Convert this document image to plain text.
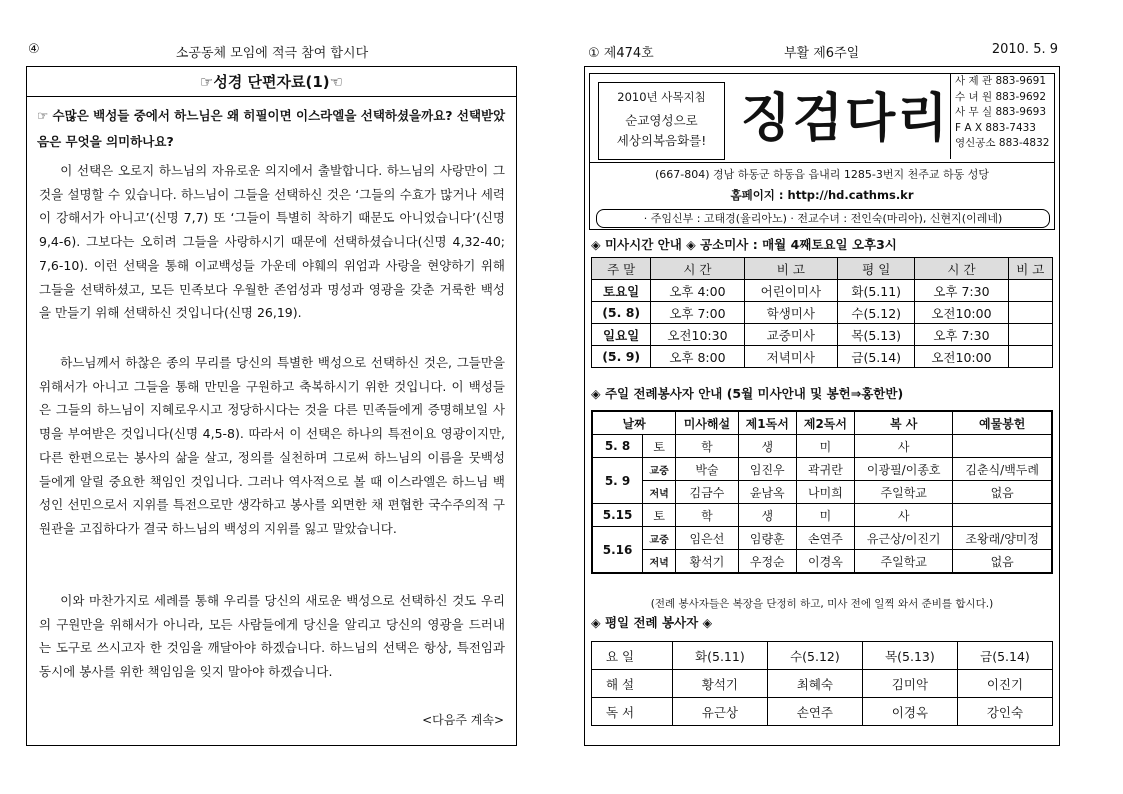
④	소공동체 모임에 적극 참여 합시다
☞성경 단편자료(1)☜
☞ 수많은 백성들 중에서 하느님은 왜 히필이면 이스라엘을 선택하셨을까요? 선택받았음은 무엇을 의미하나요?
이 선택은 오로지 하느님의 자유로운 의지에서 출발합니다. 하느님의 사랑만이 그것을 설명할 수 있습니다. 하느님이 그들을 선택하신 것은 ‘그들의 수효가 많거나 세력이 강해서가 아니고’(신명 7,7) 또 ‘그들이 특별히 착하기 때문도 아니었습니다’(신명 9,4-6). 그보다는 오히려 그들을 사랑하시기 때문에 선택하셨습니다(신명 4,32-40; 7,6-10). 이런 선택을 통해 이교백성들 가운데 야훼의 위엄과 사랑을 현양하기 위해 그들을 선택하셨고, 모든 민족보다 우월한 존엄성과 명성과 영광을 갖춘 거룩한 백성을 만들기 위해 선택하신 것입니다(신명 26,19).
하느님께서 하찮은 종의 무리를 당신의 특별한 백성으로 선택하신 것은, 그들만을 위해서가 아니고 그들을 통해 만민을 구원하고 축복하시기 위한 것입니다. 이 백성들은 그들의 하느님이 지혜로우시고 정당하시다는 것을 다른 민족들에게 증명해보일 사명을 부여받은 것입니다(신명 4,5-8). 따라서 이 선택은 하나의 특전이요 영광이지만, 다른 한편으로는 봉사의 삶을 살고, 정의를 실천하며 그로써 하느님의 이름을 뭇백성들에게 알릴 중요한 책임인 것입니다. 그러나 역사적으로 볼 때 이스라엘은 하느님 백성인 선민으로서 지위를 특전으로만 생각하고 봉사를 외면한 채 편협한 국수주의적 구원관을 고집하다가 결국 하느님의 백성의 지위를 잃고 말았습니다.
이와 마찬가지로 세례를 통해 우리를 당신의 새로운 백성으로 선택하신 것도 우리의 구원만을 위해서가 아니라, 모든 사람들에게 당신을 알리고 당신의 영광을 드러내는 도구로 쓰시고자 한 것임을 깨달아야 하겠습니다. 하느님의 선택은 항상, 특전임과 동시에 봉사를 위한 책임임을 잊지 말아야 하겠습니다.
<다음주 계속>
① 제474호	부활 제6주일	2010. 5. 9
2010년 사목지침
순교영성으로
세상의복음화를! 징검다리
사 제 관 883-9691
수 녀 원 883-9692
사 무 실 883-9693
F A X 883-7433
영신공소 883-4832
(667-804) 경남 하동군 하동읍 읍내리 1285-3번지 천주교 하동 성당
홈페이지 : http://hd.cathms.kr
· 주임신부 : 고태경(율리아노) · 전교수녀 : 전인숙(마리아), 신현지(이레네)
◈ 미사시간 안내 ◈ 공소미사 : 매월 4째토요일 오후3시
주 말	시 간	비 고	평 일	시 간	비 고
토요일	오후 4:00	어린이미사	화(5.11)	오후 7:30	
(5. 8)	오후 7:00	학생미사	수(5.12)	오전10:00	
일요일	오전10:30	교중미사	목(5.13)	오후 7:30	
(5. 9)	오후 8:00	저녁미사	금(5.14)	오전10:00	
◈ 주일 전례봉사자 안내 (5월 미사안내 및 봉헌⇒홍한반)
날짜		미사해설	제1독서	제2독서	복 사	예물봉헌
5. 8	토	학	생	미	사	
5. 9	교중	박술	임진우	곽귀란	이광필/이종호	김춘식/백두례
	저녁	김금수	윤남옥	나미희	주일학교	없음
5.15	토	학	생	미	사	
5.16	교중	임은선	임량훈	손연주	유근상/이진기	조왕래/양미정
	저녁	황석기	우정순	이경옥	주일학교	없음
(전례 봉사자들은 복장을 단정히 하고, 미사 전에 일찍 와서 준비를 합시다.)
◈ 평일 전례 봉사자 ◈
요 일	화(5.11)	수(5.12)	목(5.13)	금(5.14)
해 설	황석기	최혜숙	김미악	이진기
독 서	유근상	손연주	이경옥	강인숙
